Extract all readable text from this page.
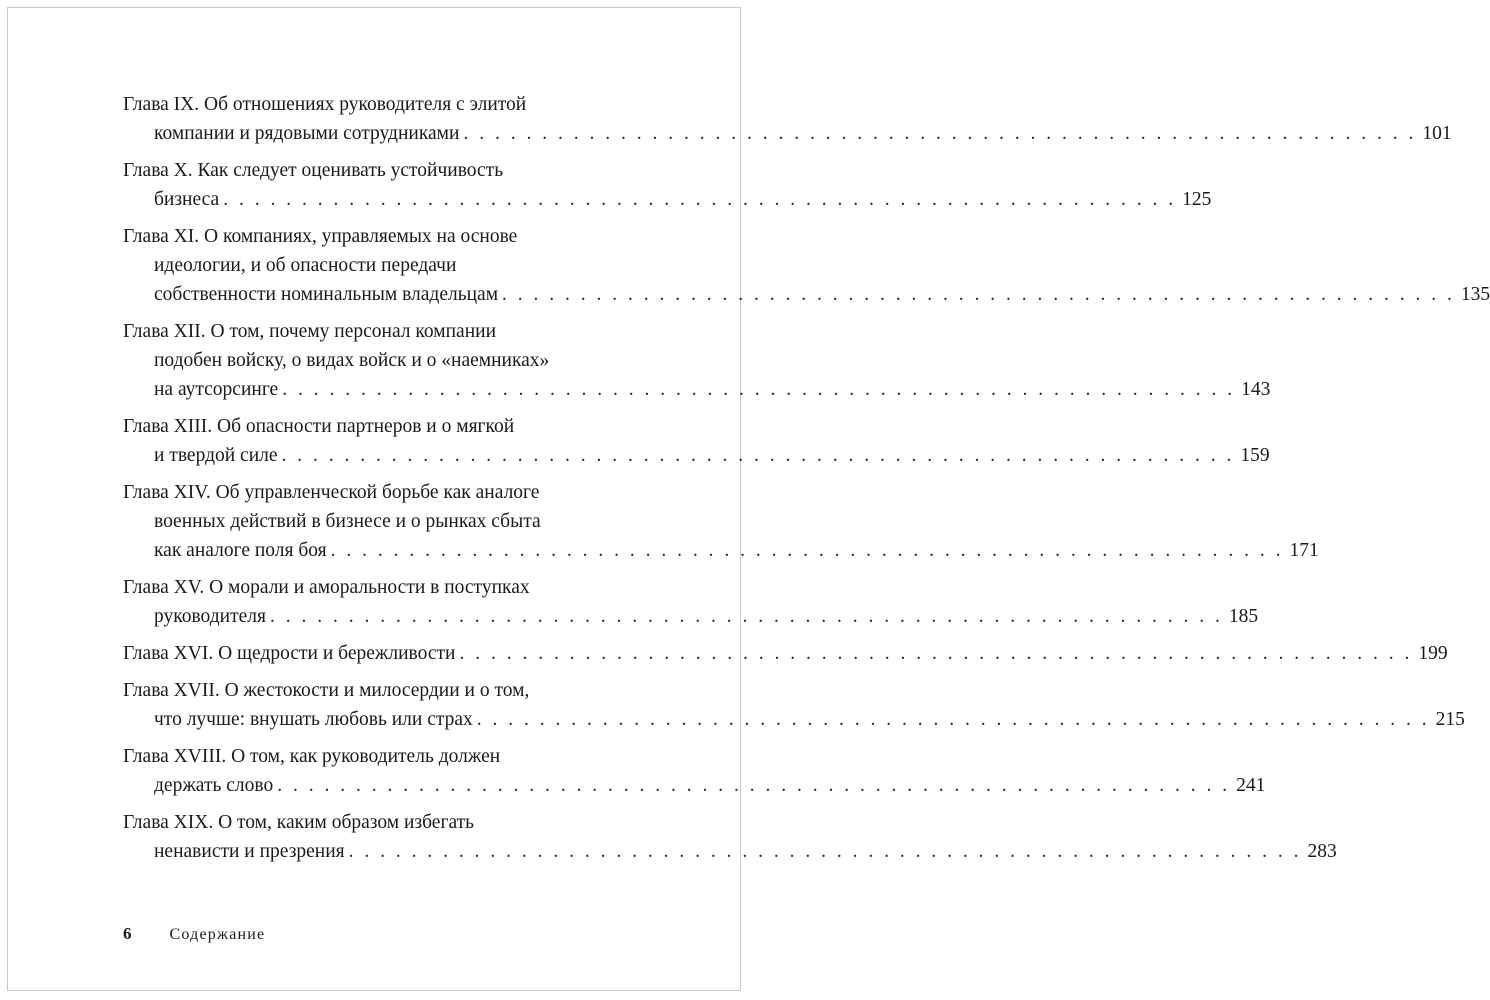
Глава IX. Об отношениях руководителя с элитой
компании и рядовыми сотрудниками . . . . . . . . . . . . . . . . . . . . . . . . . . . . . . . . . . . . . . . . . . . . . . . . . . . . . . . . . . . . . 101
Глава X. Как следует оценивать устойчивость
бизнеса . . . . . . . . . . . . . . . . . . . . . . . . . . . . . . . . . . . . . . . . . . . . . . . . . . . . . . . . . . . . . 125
Глава XI. О компаниях, управляемых на основе
идеологии, и об опасности передачи
собственности номинальным владельцам . . . . . . . . . . . . . . . . . . . . . . . . . . . . . . . . . . . . . . . . . . . . . . . . . . . . . . . . . . . . . 135
Глава XII. О том, почему персонал компании
подобен войску, о видах войск и о «наемниках»
на аутсорсинге . . . . . . . . . . . . . . . . . . . . . . . . . . . . . . . . . . . . . . . . . . . . . . . . . . . . . . . . . . . . . 143
Глава XIII. Об опасности партнеров и о мягкой
и твердой силе . . . . . . . . . . . . . . . . . . . . . . . . . . . . . . . . . . . . . . . . . . . . . . . . . . . . . . . . . . . . . 159
Глава XIV. Об управленческой борьбе как аналоге
военных действий в бизнесе и о рынках сбыта
как аналоге поля боя . . . . . . . . . . . . . . . . . . . . . . . . . . . . . . . . . . . . . . . . . . . . . . . . . . . . . . . . . . . . . 171
Глава XV. О морали и аморальности в поступках
руководителя . . . . . . . . . . . . . . . . . . . . . . . . . . . . . . . . . . . . . . . . . . . . . . . . . . . . . . . . . . . . . 185
Глава XVI. О щедрости и бережливости . . . . . . . . . . . . . . . . . . . . . . . . . . . . . . . . . . . . . . . . . . . . . . . . . . . . . . . . . . . . . 199
Глава XVII. О жестокости и милосердии и о том,
что лучше: внушать любовь или страх . . . . . . . . . . . . . . . . . . . . . . . . . . . . . . . . . . . . . . . . . . . . . . . . . . . . . . . . . . . . . 215
Глава XVIII. О том, как руководитель должен
держать слово . . . . . . . . . . . . . . . . . . . . . . . . . . . . . . . . . . . . . . . . . . . . . . . . . . . . . . . . . . . . . 241
Глава XIX. О том, каким образом избегать
ненависти и презрения . . . . . . . . . . . . . . . . . . . . . . . . . . . . . . . . . . . . . . . . . . . . . . . . . . . . . . . . . . . . . 283
6 Содержание
